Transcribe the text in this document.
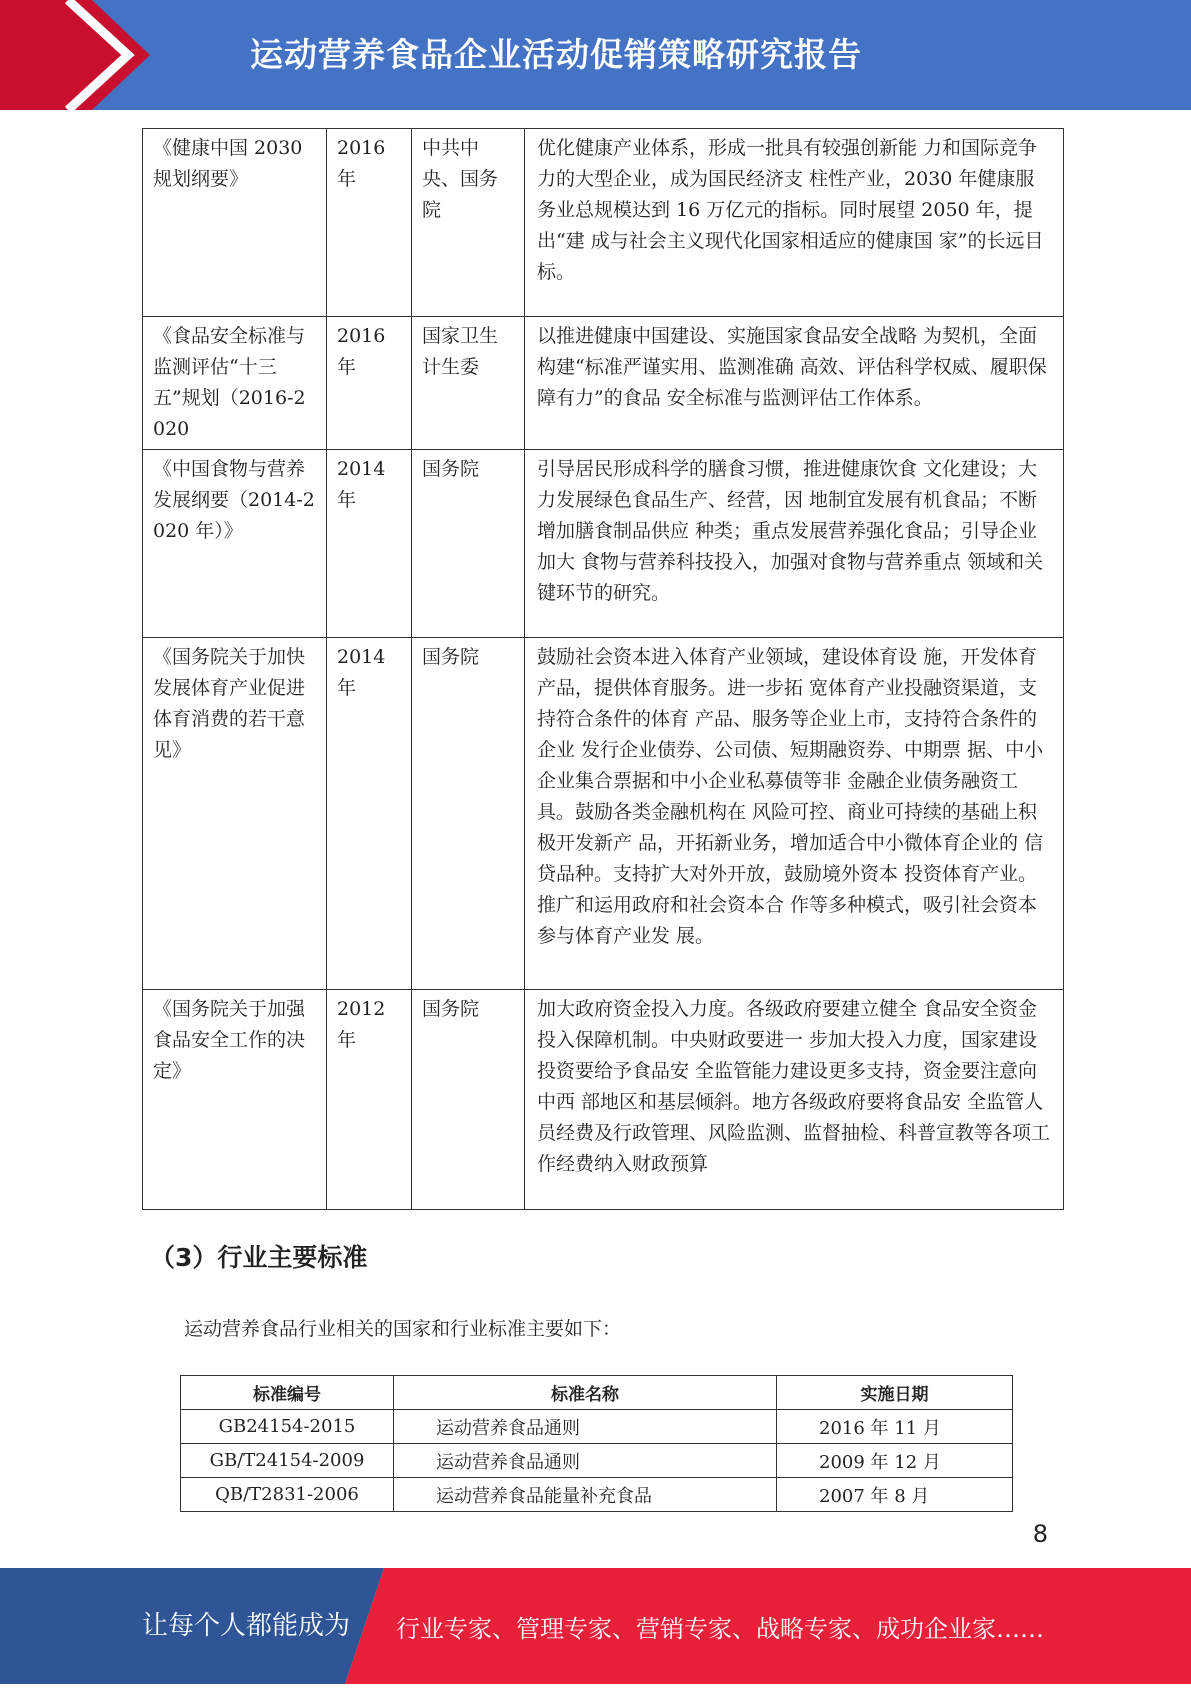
运动营养食品企业活动促销策略研究报告
《健康中国 2030 规划纲要》	2016 年	中共中央、国务院	优化健康产业体系，形成一批具有较强创新能 力和国际竞争力的大型企业，成为国民经济支 柱性产业，2030 年健康服务业总规模达到 16 万亿元的指标。同时展望 2050 年，提出“建 成与社会主义现代化国家相适应的健康国 家”的长远目标。
《食品安全标准与监测评估“十三五”规划（2016-2020	2016 年	国家卫生计生委	以推进健康中国建设、实施国家食品安全战略 为契机，全面构建“标准严谨实用、监测准确 高效、评估科学权威、履职保障有力”的食品 安全标准与监测评估工作体系。
《中国食物与营养发展纲要（2014-2020 年）》	2014 年	国务院	引导居民形成科学的膳食习惯，推进健康饮食 文化建设；大力发展绿色食品生产、经营，因 地制宜发展有机食品；不断增加膳食制品供应 种类；重点发展营养强化食品；引导企业加大 食物与营养科技投入，加强对食物与营养重点 领域和关键环节的研究。
《国务院关于加快发展体育产业促进体育消费的若干意见》	2014 年	国务院	鼓励社会资本进入体育产业领域，建设体育设 施，开发体育产品，提供体育服务。进一步拓 宽体育产业投融资渠道，支持符合条件的体育 产品、服务等企业上市，支持符合条件的企业 发行企业债券、公司债、短期融资券、中期票 据、中小企业集合票据和中小企业私募债等非 金融企业债务融资工具。鼓励各类金融机构在 风险可控、商业可持续的基础上积极开发新产 品，开拓新业务，增加适合中小微体育企业的 信贷品种。支持扩大对外开放，鼓励境外资本 投资体育产业。推广和运用政府和社会资本合 作等多种模式，吸引社会资本参与体育产业发 展。
《国务院关于加强食品安全工作的决定》	2012 年	国务院	加大政府资金投入力度。各级政府要建立健全 食品安全资金投入保障机制。中央财政要进一 步加大投入力度，国家建设投资要给予食品安 全监管能力建设更多支持，资金要注意向中西 部地区和基层倾斜。地方各级政府要将食品安 全监管人员经费及行政管理、风险监测、监督抽检、科普宣教等各项工作经费纳入财政预算
（3）行业主要标准
运动营养食品行业相关的国家和行业标准主要如下：
标准编号	标准名称	实施日期
GB24154-2015	运动营养食品通则	2016 年 11 月
GB/T24154-2009	运动营养食品通则	2009 年 12 月
QB/T2831-2006	运动营养食品能量补充食品	2007 年 8 月
8
让每个人都能成为 行业专家、管理专家、营销专家、战略专家、成功企业家……
